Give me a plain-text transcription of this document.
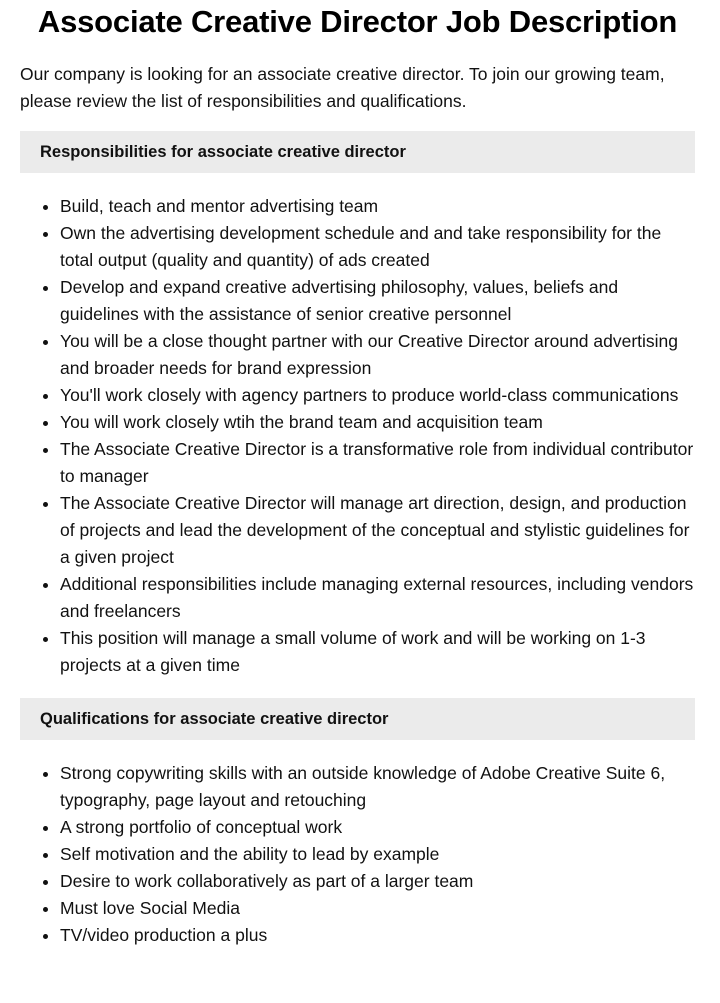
Associate Creative Director Job Description

Our company is looking for an associate creative director. To join our growing team, please review the list of responsibilities and qualifications.

Responsibilities for associate creative director
Build, teach and mentor advertising team
Own the advertising development schedule and and take responsibility for the total output (quality and quantity) of ads created
Develop and expand creative advertising philosophy, values, beliefs and guidelines with the assistance of senior creative personnel
You will be a close thought partner with our Creative Director around advertising and broader needs for brand expression
You'll work closely with agency partners to produce world-class communications
You will work closely wtih the brand team and acquisition team
The Associate Creative Director is a transformative role from individual contributor to manager
The Associate Creative Director will manage art direction, design, and production of projects and lead the development of the conceptual and stylistic guidelines for a given project
Additional responsibilities include managing external resources, including vendors and freelancers
This position will manage a small volume of work and will be working on 1-3 projects at a given time
Qualifications for associate creative director
Strong copywriting skills with an outside knowledge of Adobe Creative Suite 6, typography, page layout and retouching
A strong portfolio of conceptual work
Self motivation and the ability to lead by example
Desire to work collaboratively as part of a larger team
Must love Social Media
TV/video production a plus
